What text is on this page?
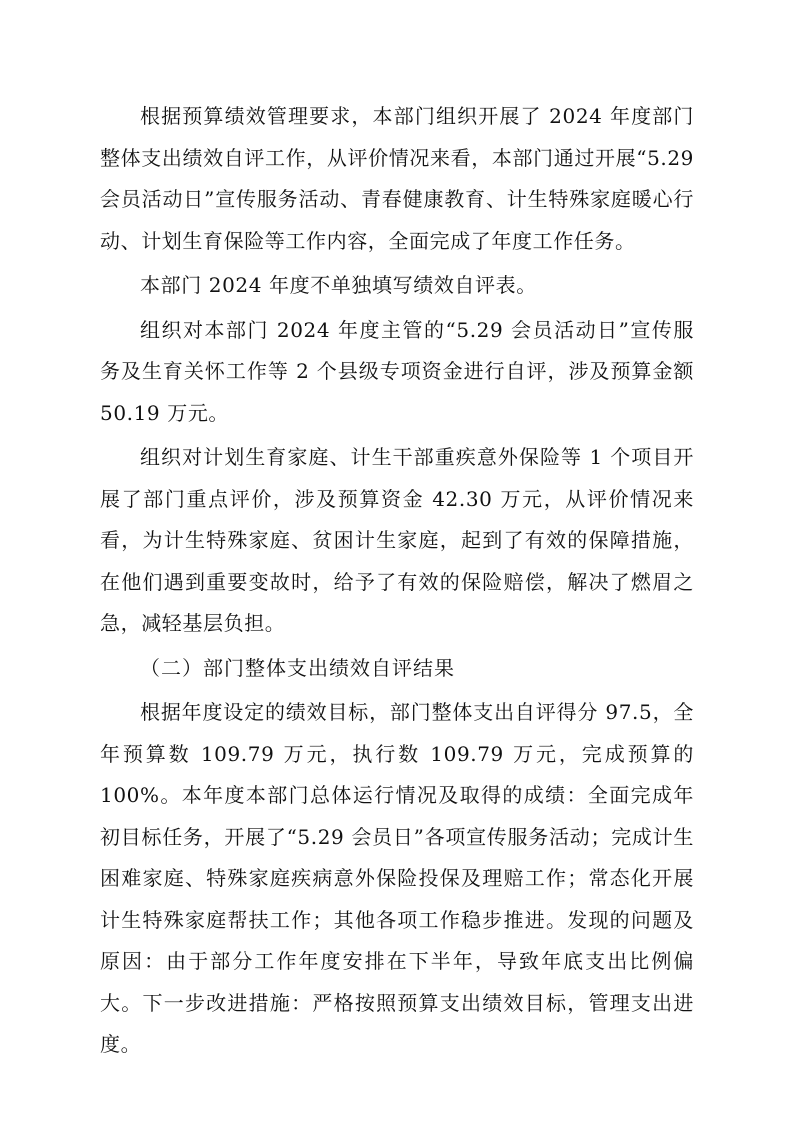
根据预算绩效管理要求，本部门组织开展了 2024 年度部门整体支出绩效自评工作，从评价情况来看，本部门通过开展“5.29会员活动日”宣传服务活动、青春健康教育、计生特殊家庭暖心行动、计划生育保险等工作内容，全面完成了年度工作任务。

本部门 2024 年度不单独填写绩效自评表。

组织对本部门 2024 年度主管的“5.29 会员活动日”宣传服务及生育关怀工作等 2 个县级专项资金进行自评，涉及预算金额50.19 万元。

组织对计划生育家庭、计生干部重疾意外保险等 1 个项目开展了部门重点评价，涉及预算资金 42.30 万元，从评价情况来看，为计生特殊家庭、贫困计生家庭，起到了有效的保障措施，在他们遇到重要变故时，给予了有效的保险赔偿，解决了燃眉之急，减轻基层负担。

（二）部门整体支出绩效自评结果

根据年度设定的绩效目标，部门整体支出自评得分 97.5，全年预算数 109.79 万元，执行数 109.79 万元，完成预算的 100%。本年度本部门总体运行情况及取得的成绩：全面完成年初目标任务，开展了“5.29 会员日”各项宣传服务活动；完成计生困难家庭、特殊家庭疾病意外保险投保及理赔工作；常态化开展计生特殊家庭帮扶工作；其他各项工作稳步推进。发现的问题及原因：由于部分工作年度安排在下半年，导致年底支出比例偏大。下一步改进措施：严格按照预算支出绩效目标，管理支出进度。
